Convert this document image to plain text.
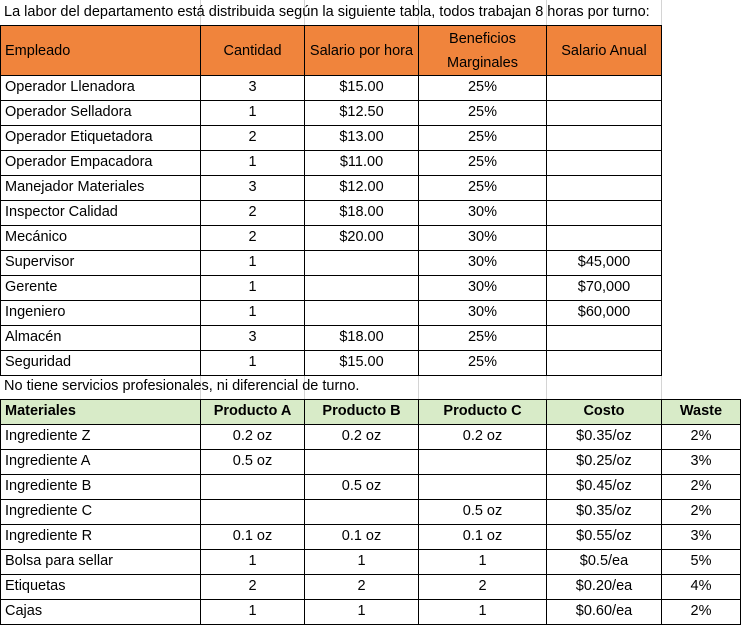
La labor del departamento está distribuida según la siguiente tabla, todos trabajan 8 horas por turno:
Empleado	Cantidad	Salario por hora	Beneficios Marginales	Salario Anual
Operador Llenadora	3	$15.00	25%	
Operador Selladora	1	$12.50	25%	
Operador Etiquetadora	2	$13.00	25%	
Operador Empacadora	1	$11.00	25%	
Manejador Materiales	3	$12.00	25%	
Inspector Calidad	2	$18.00	30%	
Mecánico	2	$20.00	30%	
Supervisor	1		30%	$45,000
Gerente	1		30%	$70,000
Ingeniero	1		30%	$60,000
Almacén	3	$18.00	25%	
Seguridad	1	$15.00	25%	
No tiene servicios profesionales, ni diferencial de turno.
Materiales	Producto A	Producto B	Producto C	Costo	Waste
Ingrediente Z	0.2 oz	0.2 oz	0.2 oz	$0.35/oz	2%
Ingrediente A	0.5 oz			$0.25/oz	3%
Ingrediente B		0.5 oz		$0.45/oz	2%
Ingrediente C			0.5 oz	$0.35/oz	2%
Ingrediente R	0.1 oz	0.1 oz	0.1 oz	$0.55/oz	3%
Bolsa para sellar	1	1	1	$0.5/ea	5%
Etiquetas	2	2	2	$0.20/ea	4%
Cajas	1	1	1	$0.60/ea	2%
